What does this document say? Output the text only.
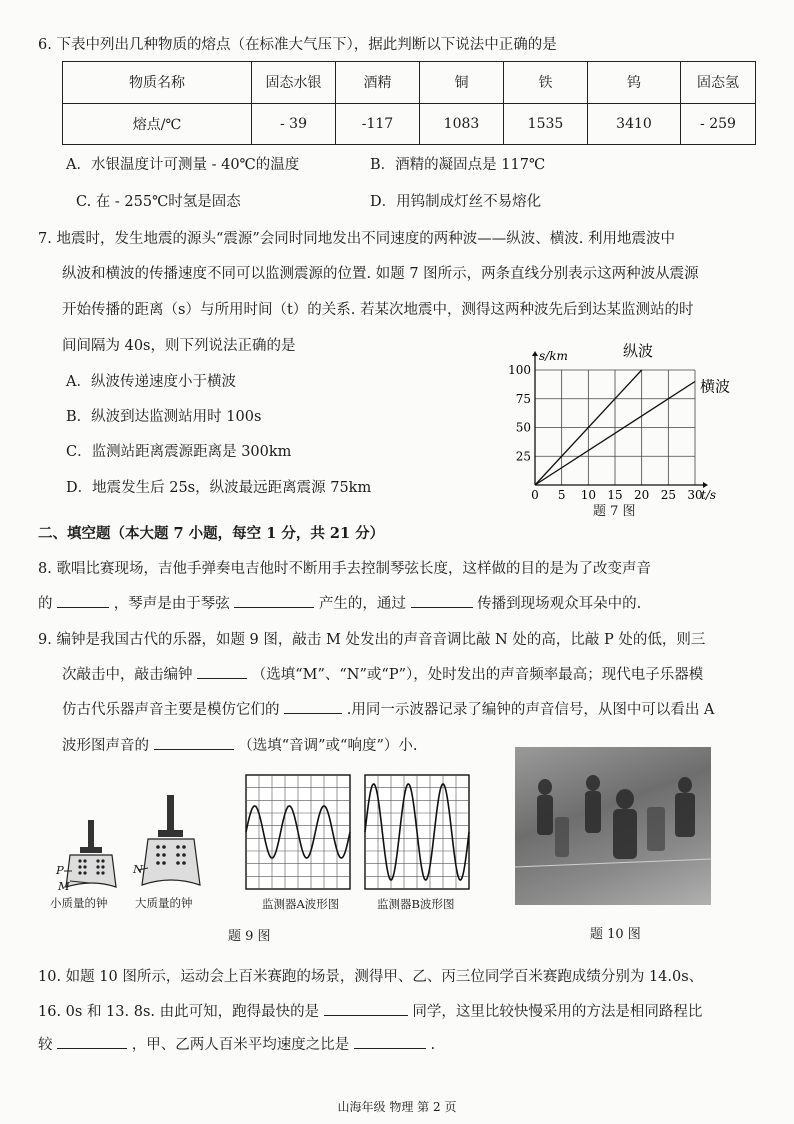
6. 下表中列出几种物质的熔点（在标准大气压下），据此判断以下说法中正确的是
物质名称	固态水银	酒精	铜	铁	钨	固态氢
熔点/℃	- 39	-117	1083	1535	3410	- 259
A．水银温度计可测量 - 40℃的温度	B．酒精的凝固点是 117℃
C. 在 - 255℃时氢是固态	D．用钨制成灯丝不易熔化
7. 地震时，发生地震的源头“震源”会同时同地发出不同速度的两种波——纵波、横波. 利用地震波中
纵波和横波的传播速度不同可以监测震源的位置. 如题 7 图所示，两条直线分别表示这两种波从震源
开始传播的距离（s）与所用时间（t）的关系. 若某次地震中，测得这两种波先后到达某监测站的时
间间隔为 40s，则下列说法正确的是
A．纵波传递速度小于横波
B．纵波到达监测站用时 100s
C．监测站距离震源距离是 300km
D．地震发生后 25s，纵波最远距离震源 75km
纵波
横波
0 5 10 15 20 25 30
25
50
75
100
t/s
s/km
题 7 图
二、填空题（本大题 7 小题，每空 1 分，共 21 分）
8. 歌唱比赛现场，吉他手弹奏电吉他时不断用手去控制琴弦长度，这样做的目的是为了改变声音
的	，琴声是由于琴弦	产生的，通过	传播到现场观众耳朵中的.
9. 编钟是我国古代的乐器，如题 9 图，敲击 M 处发出的声音音调比敲 N 处的高，比敲 P 处的低，则三
次敲击中，敲击编钟	（选填“M”、“N”或“P”），处时发出的声音频率最高；现代电子乐器模
仿古代乐器声音主要是模仿它们的	.用同一示波器记录了编钟的声音信号，从图中可以看出 A
波形图声音的	（选填“音调”或“响度”）小.
P
M
N
小质量的钟 大质量的钟	监测器A波形图	监测器B波形图
题 9 图	题 10 图
10. 如题 10 图所示，运动会上百米赛跑的场景，测得甲、乙、丙三位同学百米赛跑成绩分别为 14.0s、
16. 0s 和 13. 8s. 由此可知，跑得最快的是	同学，这里比较快慢采用的方法是相同路程比
较	，甲、乙两人百米平均速度之比是	.
山海年级 物理 第 2 页
